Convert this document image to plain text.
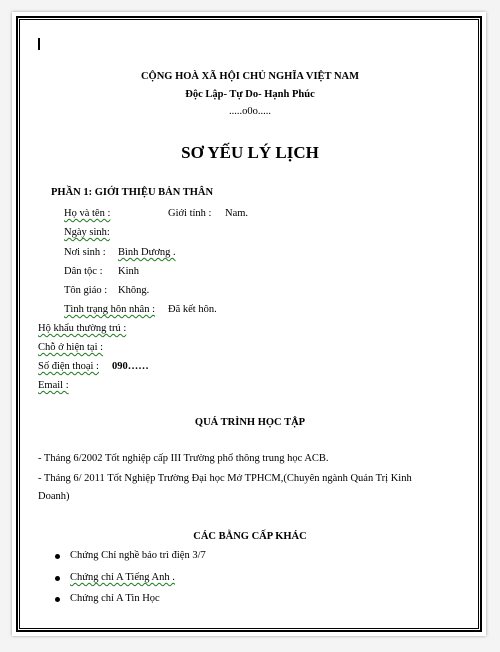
CỘNG HOÀ XÃ HỘI CHỦ NGHĨA VIỆT NAM
Độc Lập- Tự Do- Hạnh Phúc
.....o0o.....
SƠ YẾU LÝ LỊCH
PHẦN 1: GIỚI THIỆU BẢN THÂN
Họ và tên :	Giới tính : Nam.
Ngày sinh:
Nơi sinh : Bình Dương .
Dân tộc : Kinh
Tôn giáo : Không.
Tình trạng hôn nhân : Đã kết hôn.
Hộ khẩu thường trú :
Chỗ ở hiện tại :
Số điện thoại : 090……
Email :
QUÁ TRÌNH HỌC TẬP
- Tháng 6/2002 Tốt nghiệp cấp III Trường phổ thông trung học ACB.
- Tháng 6/ 2011 Tốt Nghiệp Trường Đại học Mở TPHCM,(Chuyên ngành Quản Trị Kinh
Doanh)
CÁC BẰNG CẤP KHÁC
Chứng Chỉ nghề bảo trì điện 3/7
Chứng chỉ A Tiếng Anh .
Chứng chỉ A Tin Học
